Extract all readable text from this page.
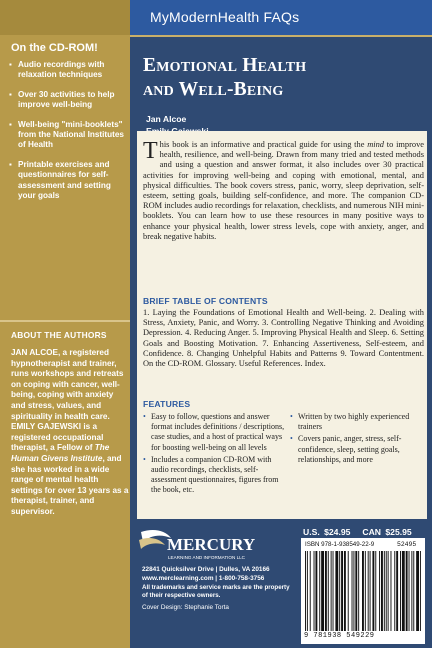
On the CD-ROM!
▪ Audio recordings with relaxation techniques
▪ Over 30 activities to help improve well-being
▪ Well-being "mini-booklets" from the National Institutes of Health
▪ Printable exercises and questionnaires for self-assessment and setting your goals
ABOUT THE AUTHORS

JAN ALCOE, a registered hypnotherapist and trainer, runs workshops and retreats on coping with cancer, well-being, coping with anxiety and stress, values, and spirituality in health care.

EMILY GAJEWSKI is a registered occupational therapist, a Fellow of The Human Givens Institute, and she has worked in a wide range of mental health settings for over 13 years as a therapist, trainer, and supervisor.

MyModernHealth FAQs
Emotional Health
and Well-Being
Jan Alcoe
This book is an informative and practical guide for using the mind to improve health, resilience, and well-being. Drawn from many tried and tested methods and using a question and answer format, it also includes over 30 practical activities for improving well-being and coping with emotional, mental, and physical difficulties. The book covers stress, panic, worry, sleep deprivation, self-esteem, setting goals, building self-confidence, and more. The companion CD-ROM includes audio recordings for relaxation, checklists, and numerous NIH mini-booklets. You can learn how to use these resources in many positive ways to enhance your physical health, lower stress levels, cope with anxiety, anger, and break negative habits.
BRIEF TABLE OF CONTENTS
1. Laying the Foundations of Emotional Health and Well-being. 2. Dealing with Stress, Anxiety, Panic, and Worry. 3. Controlling Negative Thinking and Avoiding Depression. 4. Reducing Anger. 5. Improving Physical Health and Sleep. 6. Setting Goals and Boosting Motivation. 7. Enhancing Assertiveness, Self-esteem, and Confidence. 8. Changing Unhelpful Habits and Patterns 9. Toward Contentment. On the CD-ROM. Glossary. Useful References. Index.
FEATURES
• Easy to follow, questions and answer format includes definitions / descriptions, case studies, and a host of practical ways for boosting well-being on all levels
• Includes a companion CD-ROM with audio recordings, checklists, self-assessment questionnaires, figures from the book, etc.
• Written by two highly experienced trainers
• Covers panic, anger, stress, self-confidence, sleep, setting goals, relationships, and more
MERCURY
LEARNING AND INFORMATION LLC
22841 Quicksilver Drive | Dulles, VA 20166
www.merclearning.com | 1-800-758-3756
All trademarks and service marks are the property of their respective owners.
Cover Design: Stephanie Torta
U.S. $24.95 CAN $25.95
ISBN 978-1-938549-22-9	52495
9 781938 549229
